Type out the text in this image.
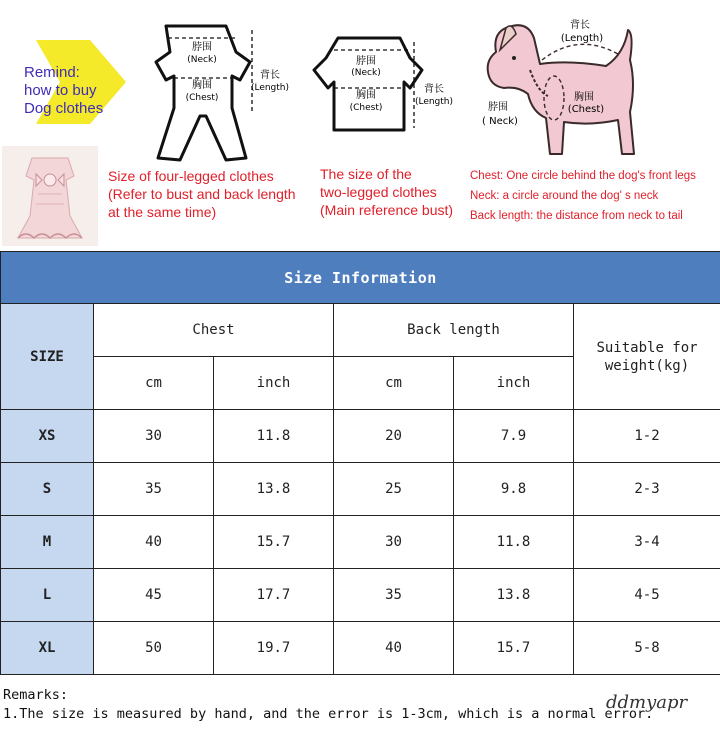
Remind:
how to buy
Dog clothes
脖围
(Neck)
胸围
(Chest)
背长
(Length)
Size of four-legged clothes
(Refer to bust and back length
at the same time)
脖围
(Neck)
胸围
(Chest)
背长
(Length)
The size of the
two-legged clothes
(Main reference bust)
背长
(Length)
脖围
( Neck)
胸围
(Chest)
Chest: One circle behind the dog's front legs
Neck: a circle around the dog' s neck
Back length: the distance from neck to tail
Size Information					
SIZE	Chest		Back length		Suitable for
weight(kg)

	cm	inch	cm	inch	
XS	30	11.8	20	7.9	1-2
S	35	13.8	25	9.8	2-3
M	40	15.7	30	11.8	3-4
L	45	17.7	35	13.8	4-5
XL	50	19.7	40	15.7	5-8
Remarks:
1.The size is measured by hand, and the error is 1-3cm, which is a normal error.
ddmyapr
